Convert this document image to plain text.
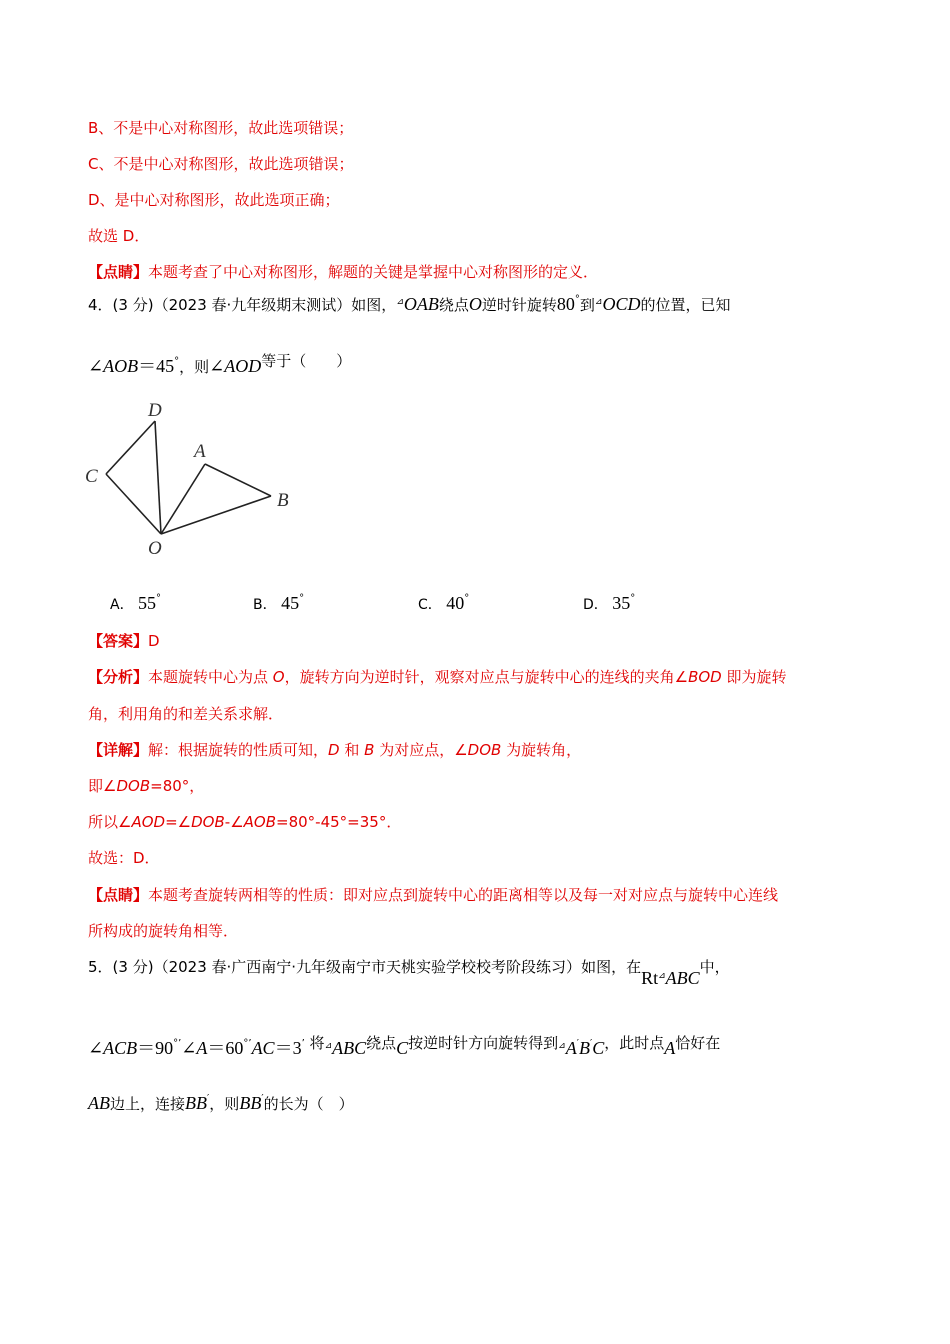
B、不是中心对称图形，故此选项错误；
C、不是中心对称图形，故此选项错误；
D、是中心对称图形，故此选项正确；
故选 D．
【点睛】本题考查了中心对称图形，解题的关键是掌握中心对称图形的定义．
4．(3 分)（2023 春·九年级期末测试）如图，⊿OAB绕点O逆时针旋转80°到⊿OCD的位置，已知
∠AOB＝45°，则∠AOD等于（　　）
D
C
A
B
O
A． 55°	B． 45°	C． 40°	D． 35°
【答案】D
【分析】本题旋转中心为点 O，旋转方向为逆时针，观察对应点与旋转中心的连线的夹角∠BOD 即为旋转
角，利用角的和差关系求解．
【详解】解：根据旋转的性质可知，D 和 B 为对应点，∠DOB 为旋转角，
即∠DOB=80°，
所以∠AOD=∠DOB-∠AOB=80°-45°=35°．
故选：D．
【点睛】本题考查旋转两相等的性质：即对应点到旋转中心的距离相等以及每一对对应点与旋转中心连线
所构成的旋转角相等．
5．(3 分)（2023 春·广西南宁·九年级南宁市天桃实验学校校考阶段练习）如图，在Rt⊿ABC中，
∠ACB＝90°’∠A＝60°’AC＝3’ 将⊿ABC绕点C按逆时针方向旋转得到⊿A′B′C，此时点A恰好在
AB边上，连接BB′，则BB′的长为（　）
